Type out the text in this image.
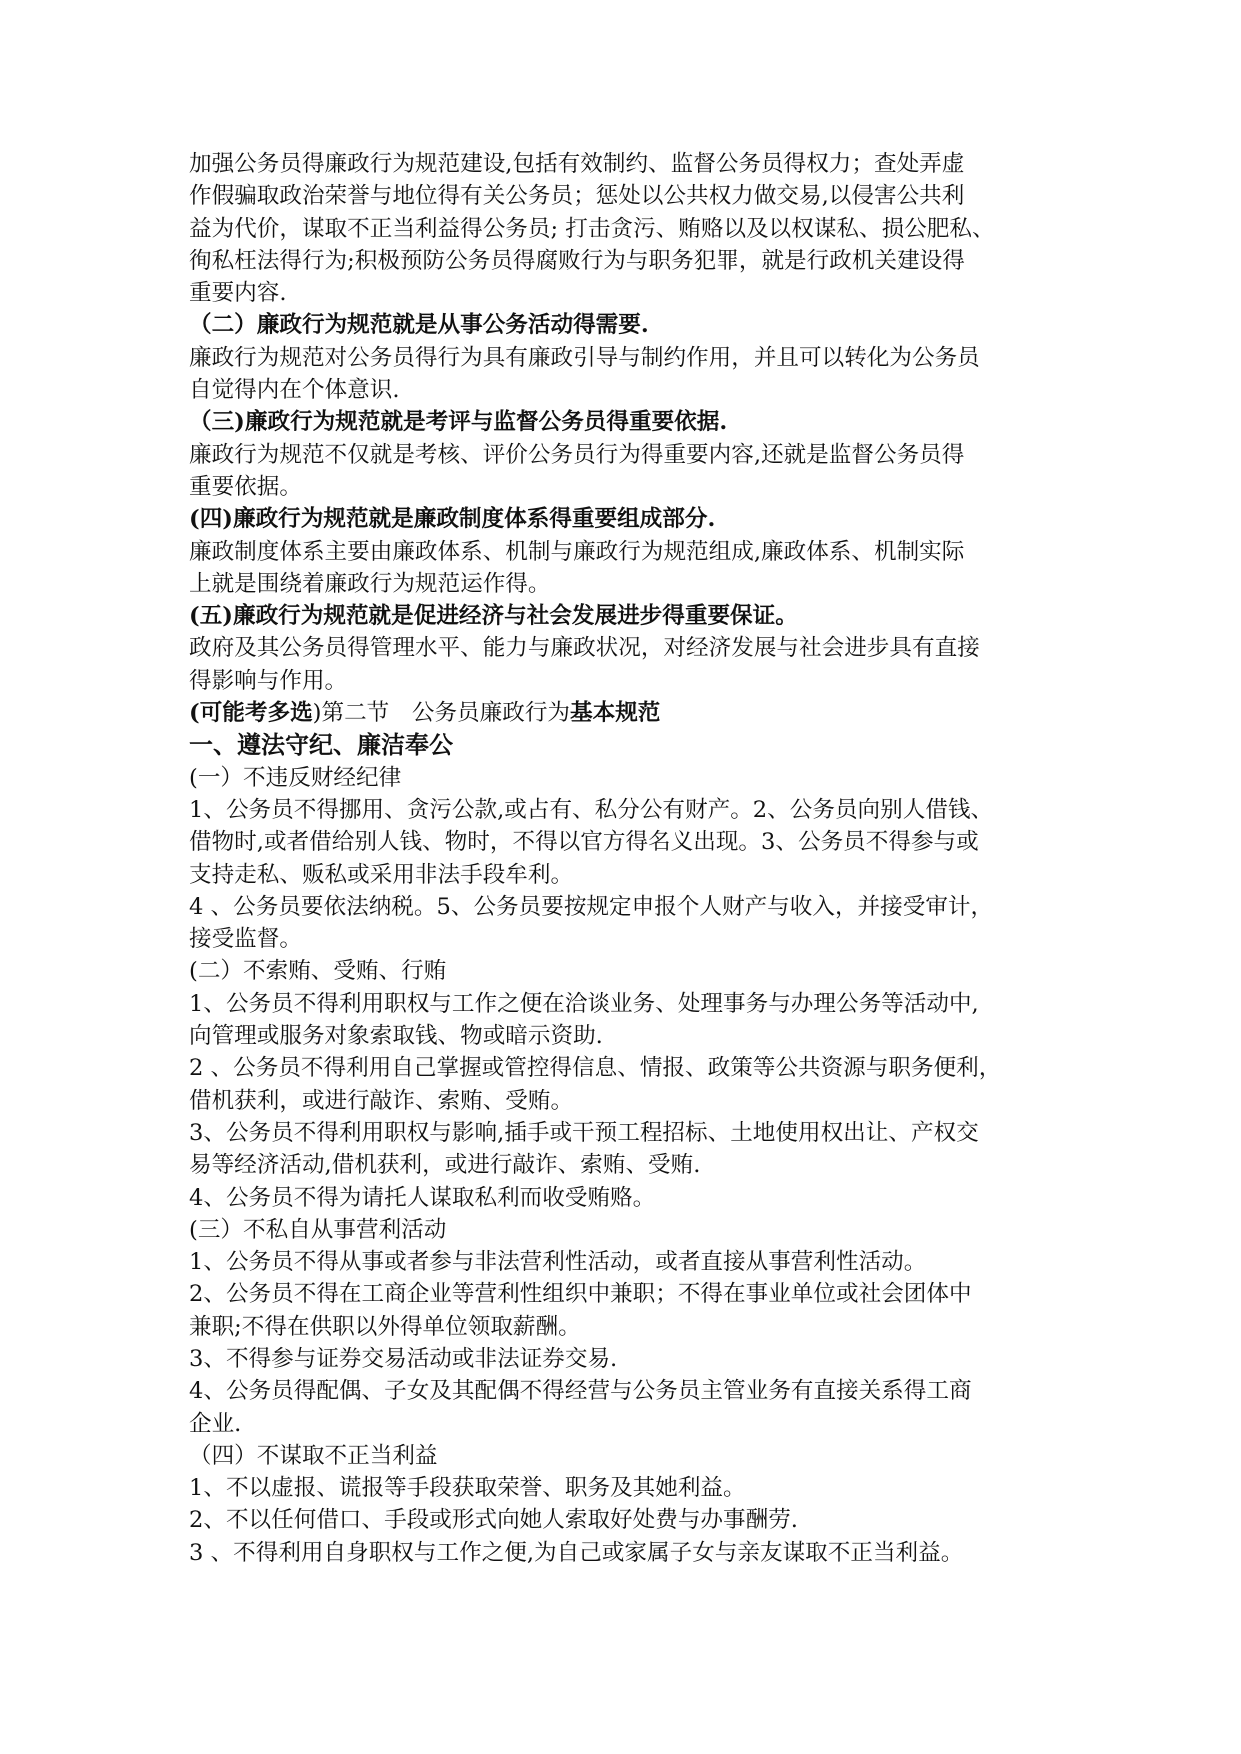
加强公务员得廉政行为规范建设,包括有效制约、监督公务员得权力；查处弄虚
作假骗取政治荣誉与地位得有关公务员；惩处以公共权力做交易,以侵害公共利
益为代价，谋取不正当利益得公务员; 打击贪污、贿赂以及以权谋私、损公肥私、
徇私枉法得行为;积极预防公务员得腐败行为与职务犯罪，就是行政机关建设得
重要内容.
（二）廉政行为规范就是从事公务活动得需要.
廉政行为规范对公务员得行为具有廉政引导与制约作用，并且可以转化为公务员
自觉得内在个体意识.
（三)廉政行为规范就是考评与监督公务员得重要依据.
廉政行为规范不仅就是考核、评价公务员行为得重要内容,还就是监督公务员得
重要依据。
(四)廉政行为规范就是廉政制度体系得重要组成部分.
廉政制度体系主要由廉政体系、机制与廉政行为规范组成,廉政体系、机制实际
上就是围绕着廉政行为规范运作得。
(五)廉政行为规范就是促进经济与社会发展进步得重要保证。
政府及其公务员得管理水平、能力与廉政状况，对经济发展与社会进步具有直接
得影响与作用。
(可能考多选)第二节　公务员廉政行为基本规范
一、遵法守纪、廉洁奉公
(一）不违反财经纪律
1、公务员不得挪用、贪污公款,或占有、私分公有财产。2、公务员向别人借钱、
借物时,或者借给别人钱、物时，不得以官方得名义出现。3、公务员不得参与或
支持走私、贩私或采用非法手段牟利。
4 、公务员要依法纳税。5、公务员要按规定申报个人财产与收入，并接受审计，
接受监督。
(二）不索贿、受贿、行贿
1、公务员不得利用职权与工作之便在洽谈业务、处理事务与办理公务等活动中,
向管理或服务对象索取钱、物或暗示资助.
2 、公务员不得利用自己掌握或管控得信息、情报、政策等公共资源与职务便利，
借机获利，或进行敲诈、索贿、受贿。
3、公务员不得利用职权与影响,插手或干预工程招标、土地使用权出让、产权交
易等经济活动,借机获利，或进行敲诈、索贿、受贿.
4、公务员不得为请托人谋取私利而收受贿赂。
(三）不私自从事营利活动
1、公务员不得从事或者参与非法营利性活动，或者直接从事营利性活动。
2、公务员不得在工商企业等营利性组织中兼职；不得在事业单位或社会团体中
兼职;不得在供职以外得单位领取薪酬。
3、不得参与证券交易活动或非法证券交易.
4、公务员得配偶、子女及其配偶不得经营与公务员主管业务有直接关系得工商
企业.
（四）不谋取不正当利益
1、不以虚报、谎报等手段获取荣誉、职务及其她利益。
2、不以任何借口、手段或形式向她人索取好处费与办事酬劳.
3 、不得利用自身职权与工作之便,为自己或家属子女与亲友谋取不正当利益。
